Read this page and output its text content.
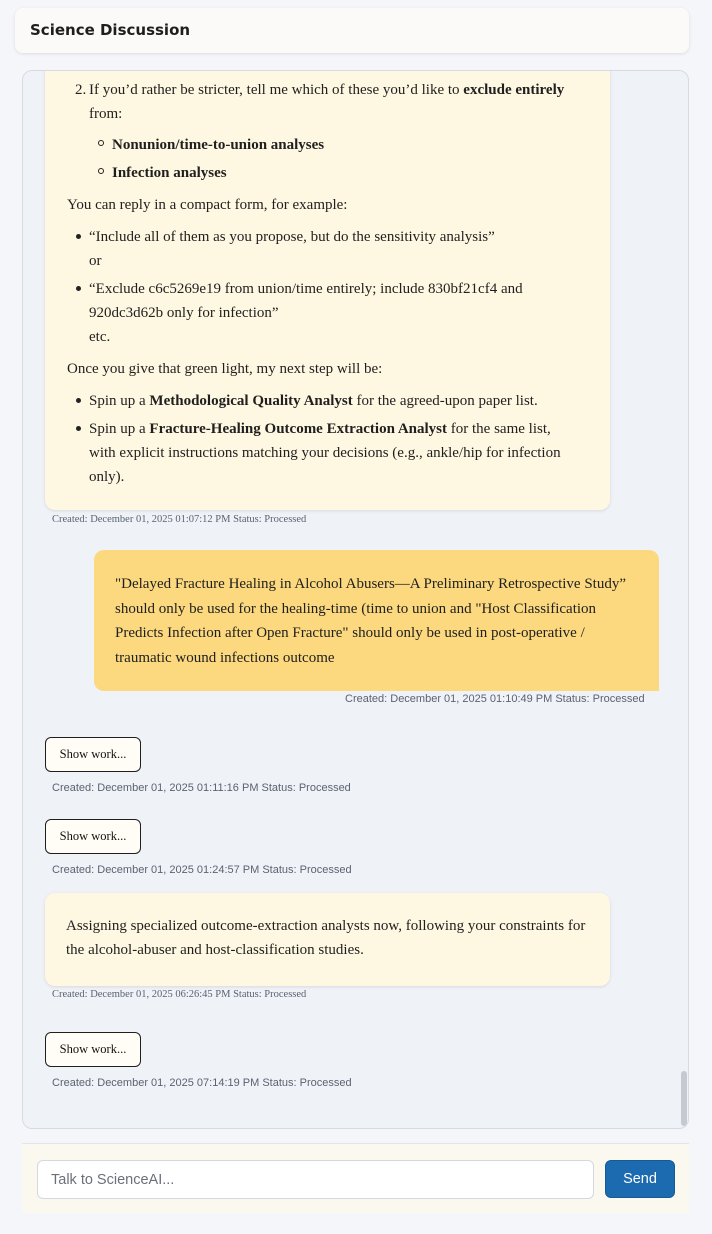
Science Discussion
2. If you’d rather be stricter, tell me which of these you’d like to exclude entirely
from:
Nonunion/time-to-union analyses
Infection analyses
You can reply in a compact form, for example:
“Include all of them as you propose, but do the sensitivity analysis”
or
“Exclude c6c5269e19 from union/time entirely; include 830bf21cf4 and
920dc3d62b only for infection”
etc.
Once you give that green light, my next step will be:
Spin up a Methodological Quality Analyst for the agreed-upon paper list.
Spin up a Fracture-Healing Outcome Extraction Analyst for the same list,
with explicit instructions matching your decisions (e.g., ankle/hip for infection
only).
Created: December 01, 2025 01:07:12 PM Status: Processed
"Delayed Fracture Healing in Alcohol Abusers—A Preliminary Retrospective Study” should only be used for the healing-time (time to union and "Host Classification Predicts Infection after Open Fracture" should only be used in post-operative / traumatic wound infections outcome
Created: December 01, 2025 01:10:49 PM Status: Processed
Show work...
Created: December 01, 2025 01:11:16 PM Status: Processed
Show work...
Created: December 01, 2025 01:24:57 PM Status: Processed
Assigning specialized outcome-extraction analysts now, following your constraints for the alcohol-abuser and host-classification studies.
Created: December 01, 2025 06:26:45 PM Status: Processed
Show work...
Created: December 01, 2025 07:14:19 PM Status: Processed
Talk to ScienceAI...
Send
